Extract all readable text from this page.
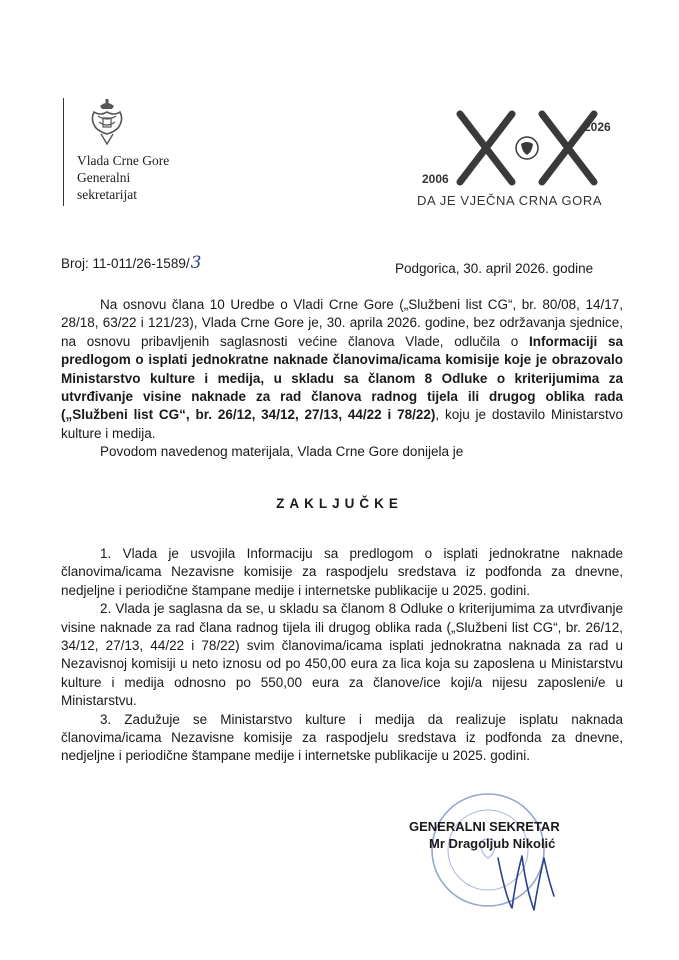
Vlada Crne Gore
Generalni
sekretarijat
2026
2006
DA JE VJEČNA CRNA GORA
Broj: 11-011/26-1589/3	Podgorica, 30. april 2026. godine

Na osnovu člana 10 Uredbe o Vladi Crne Gore („Službeni list CG“, br. 80/08, 14/17, 28/18, 63/22 i 121/23), Vlada Crne Gore je, 30. aprila 2026. godine, bez održavanja sjednice, na osnovu pribavljenih saglasnosti većine članova Vlade, odlučila o Informaciji sa predlogom o isplati jednokratne naknade članovima/icama komisije koje je obrazovalo Ministarstvo kulture i medija, u skladu sa članom 8 Odluke o kriterijumima za utvrđivanje visine naknade za rad članova radnog tijela ili drugog oblika rada („Službeni list CG“, br. 26/12, 34/12, 27/13, 44/22 i 78/22), koju je dostavilo Ministarstvo kulture i medija.

Povodom navedenog materijala, Vlada Crne Gore donijela je

ZAKLJUČKE

1. Vlada je usvojila Informaciju sa predlogom o isplati jednokratne naknade članovima/icama Nezavisne komisije za raspodjelu sredstava iz podfonda za dnevne, nedjeljne i periodične štampane medije i internetske publikacije u 2025. godini.

2. Vlada je saglasna da se, u skladu sa članom 8 Odluke o kriterijumima za utvrđivanje visine naknade za rad člana radnog tijela ili drugog oblika rada („Službeni list CG“, br. 26/12, 34/12, 27/13, 44/22 i 78/22) svim članovima/icama isplati jednokratna naknada za rad u Nezavisnoj komisiji u neto iznosu od po 450,00 eura za lica koja su zaposlena u Ministarstvu kulture i medija odnosno po 550,00 eura za članove/ice koji/a nijesu zaposleni/e u Ministarstvu.

3. Zadužuje se Ministarstvo kulture i medija da realizuje isplatu naknada članovima/icama Nezavisne komisije za raspodjelu sredstava iz podfonda za dnevne, nedjeljne i periodične štampane medije i internetske publikacije u 2025. godini.

GENERALNI SEKRETAR
Mr Dragoljub Nikolić
